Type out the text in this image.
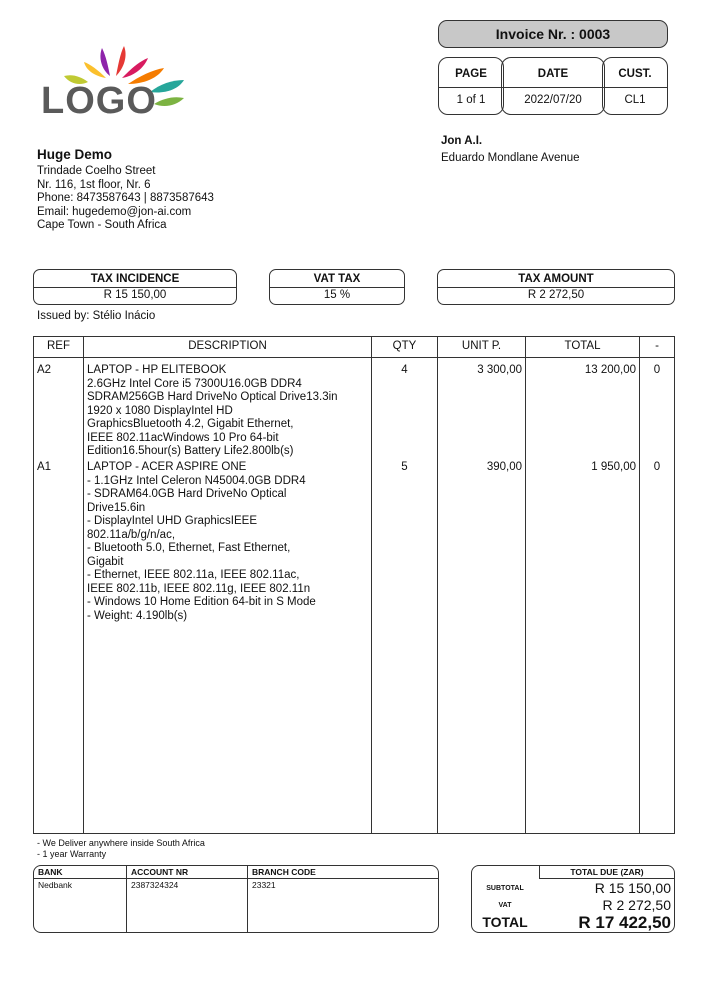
LOGO
Invoice Nr. : 0003
PAGE
1 of 1
DATE
2022/07/20
CUST.
CL1
Jon A.I.
Eduardo Mondlane Avenue
Huge Demo
Trindade Coelho Street
Nr. 116, 1st floor, Nr. 6
Phone: 8473587643 | 8873587643
Email: hugedemo@jon-ai.com
Cape Town - South Africa
TAX INCIDENCE
R 15 150,00
VAT TAX
15 %
TAX AMOUNT
R 2 272,50
Issued by: Stélio Inácio
REF	DESCRIPTION	QTY	UNIT P.	TOTAL	-
A2	LAPTOP - HP ELITEBOOK
2.6GHz Intel Core i5 7300U16.0GB DDR4
SDRAM256GB Hard DriveNo Optical Drive13.3in
1920 x 1080 DisplayIntel HD
GraphicsBluetooth 4.2, Gigabit Ethernet,
IEEE 802.11acWindows 10 Pro 64-bit
Edition16.5hour(s) Battery Life2.800lb(s)
4	3 300,00	13 200,00	0
A1	LAPTOP - ACER ASPIRE ONE
- 1.1GHz Intel Celeron N45004.0GB DDR4
- SDRAM64.0GB Hard DriveNo Optical
Drive15.6in
- DisplayIntel UHD GraphicsIEEE
802.11a/b/g/n/ac,
- Bluetooth 5.0, Ethernet, Fast Ethernet,
Gigabit
- Ethernet, IEEE 802.11a, IEEE 802.11ac,
IEEE 802.11b, IEEE 802.11g, IEEE 802.11n
- Windows 10 Home Edition 64-bit in S Mode
- Weight: 4.190lb(s)
5	390,00	1 950,00	0
- We Deliver anywhere inside South Africa
- 1 year Warranty
BANK	ACCOUNT NR	BRANCH CODE
Nedbank	2387324324	23321
TOTAL DUE (ZAR)
SUBTOTAL	R 15 150,00
VAT	R 2 272,50
TOTAL	R 17 422,50
